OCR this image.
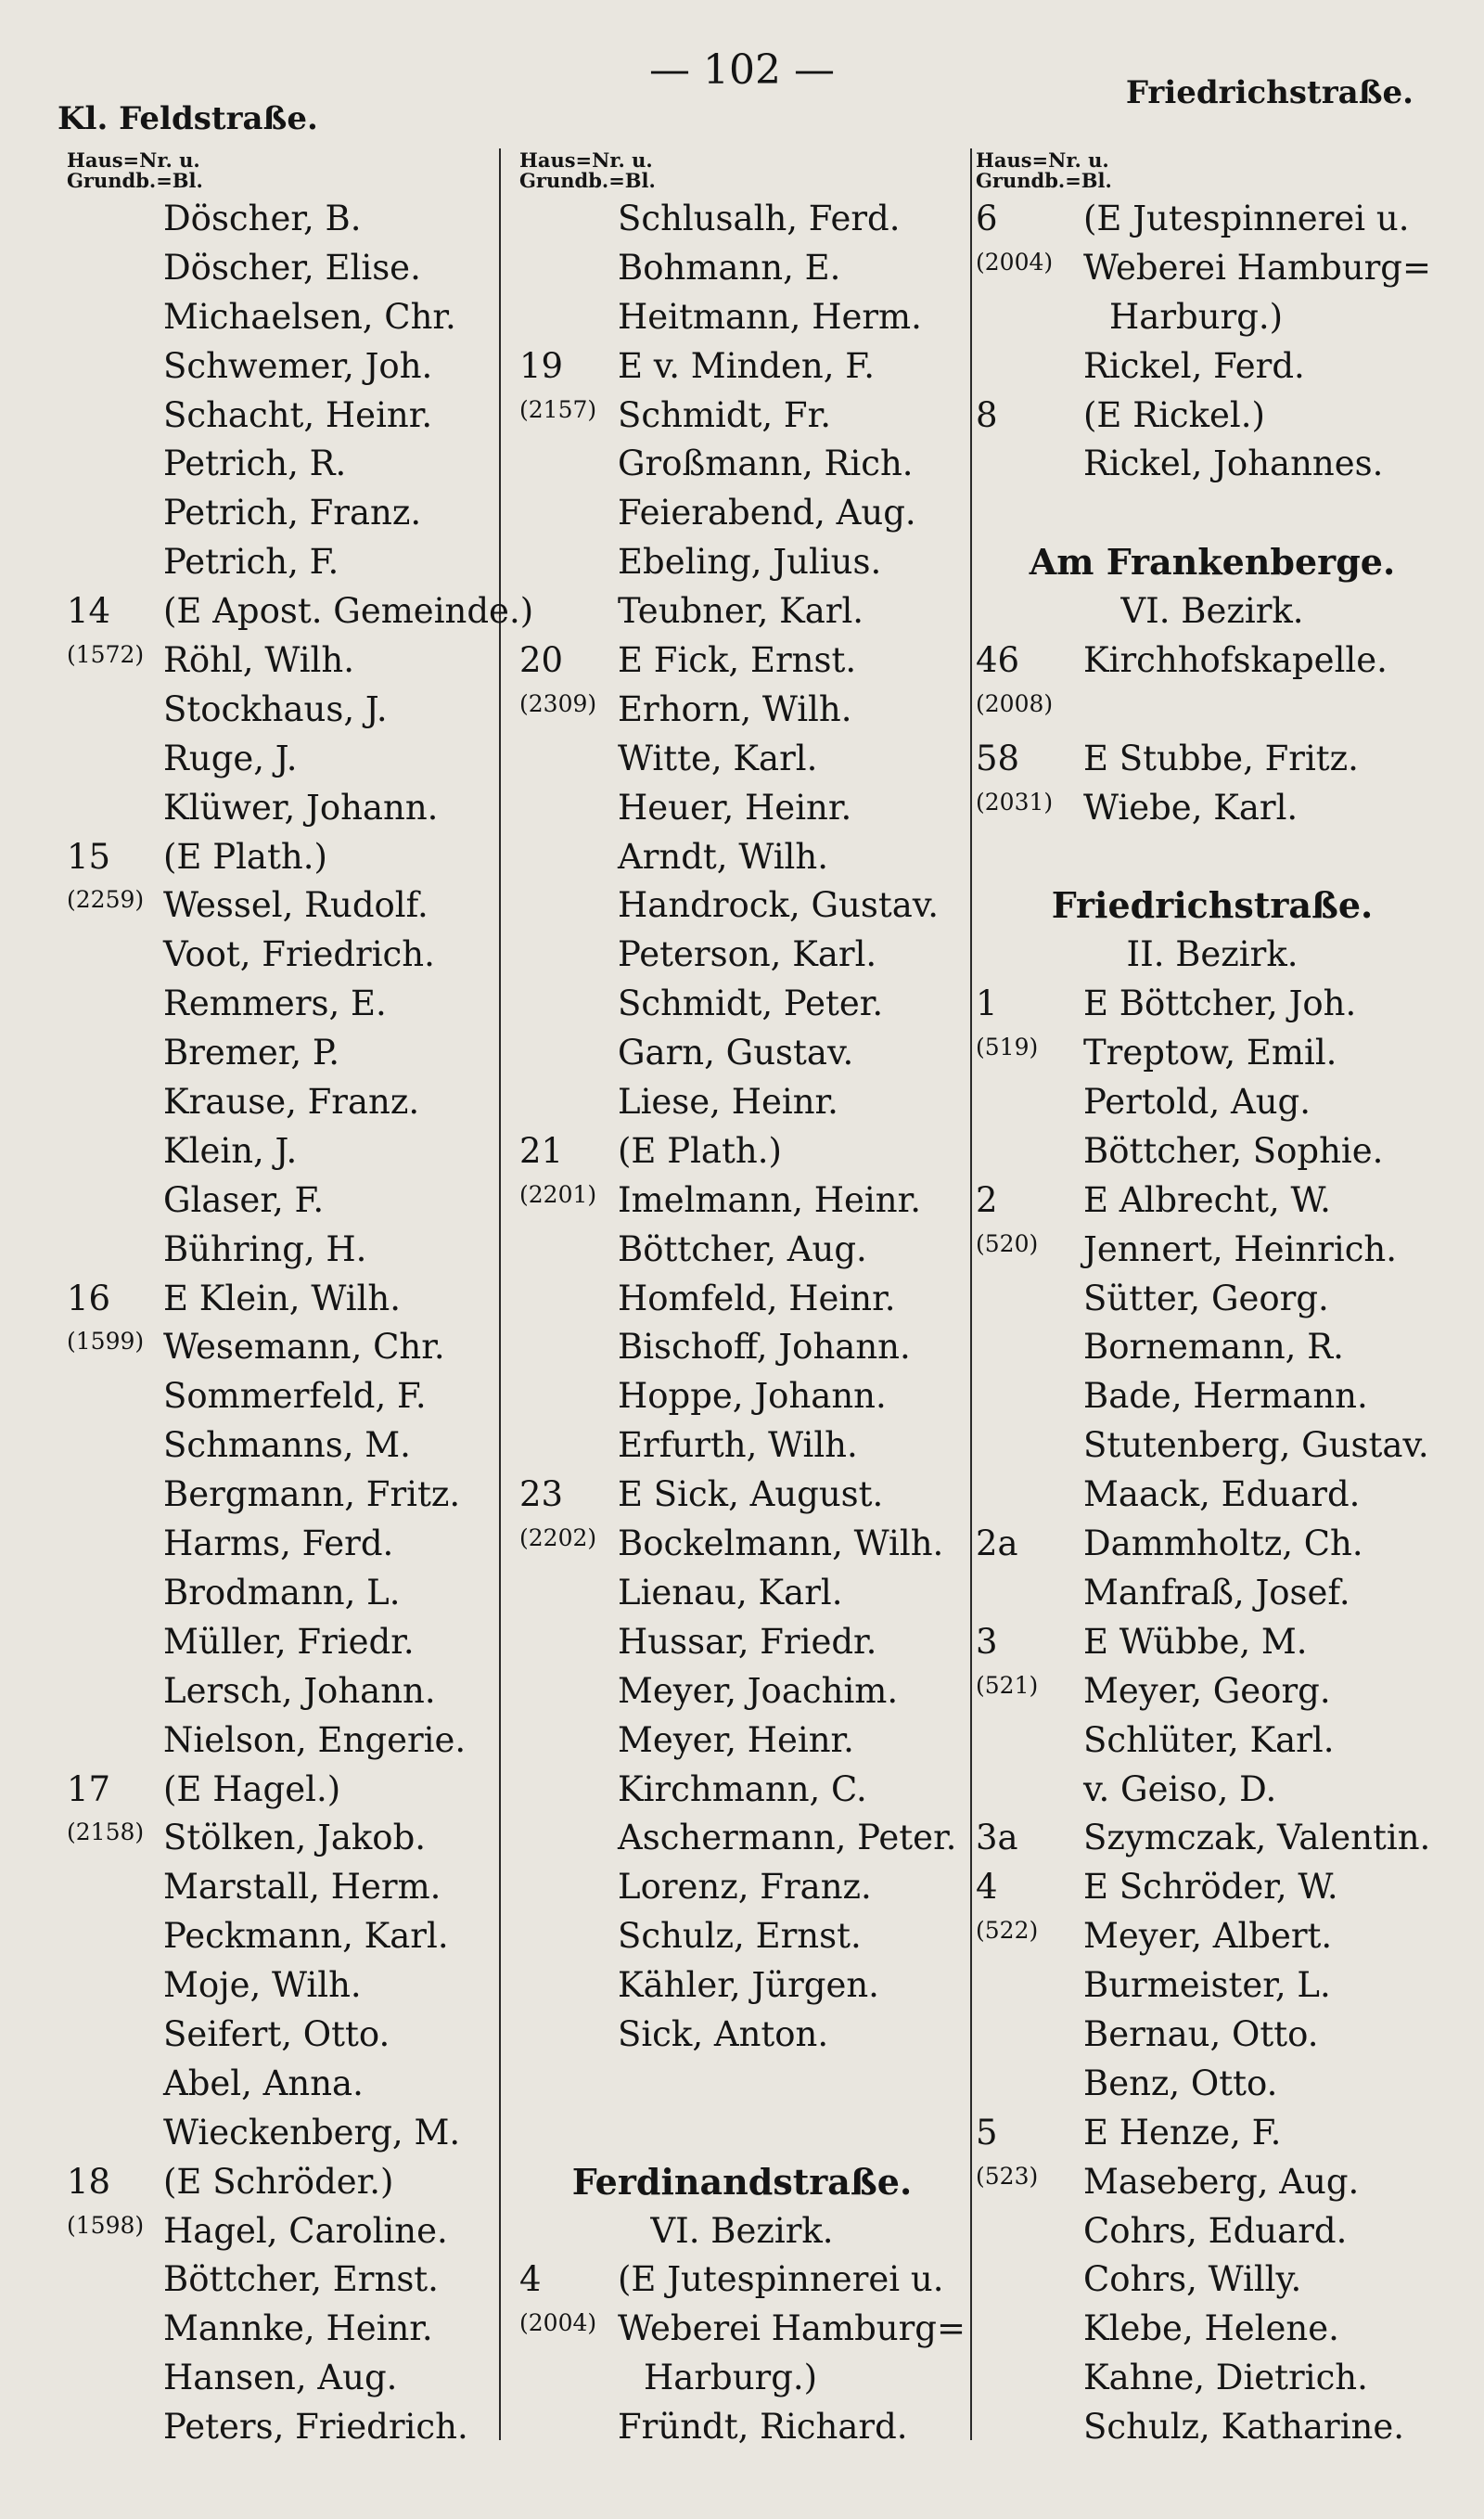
Kl. Feldstraße.
— 102 —	Friedrichstraße.
Haus=Nr. u.
Grundb.=Bl.
Döscher, B.
Döscher, Elise.
Michaelsen, Chr.
Schwemer, Joh.
Schacht, Heinr.
Petrich, R.
Petrich, Franz.
Petrich, F.
14 (E Apost. Gemeinde.)
(1572) Röhl, Wilh.
Stockhaus, J.
Ruge, J.
Klüwer, Johann.
15 (E Plath.)
(2259) Wessel, Rudolf.
Voot, Friedrich.
Remmers, E.
Bremer, P.
Krause, Franz.
Klein, J.
Glaser, F.
Bühring, H.
16 E Klein, Wilh.
(1599) Wesemann, Chr.
Sommerfeld, F.
Schmanns, M.
Bergmann, Fritz.
Harms, Ferd.
Brodmann, L.
Müller, Friedr.
Lersch, Johann.
Nielson, Engerie.
17 (E Hagel.)
(2158) Stölken, Jakob.
Marstall, Herm.
Peckmann, Karl.
Moje, Wilh.
Seifert, Otto.
Abel, Anna.
Wieckenberg, M.
18 (E Schröder.)
(1598) Hagel, Caroline.
Böttcher, Ernst.
Mannke, Heinr.
Hansen, Aug.
Peters, Friedrich.
Haus=Nr. u.
Grundb.=Bl.
Schlusalh, Ferd.
Bohmann, E.
Heitmann, Herm.
19 E v. Minden, F.
(2157) Schmidt, Fr.
Großmann, Rich.
Feierabend, Aug.
Ebeling, Julius.
Teubner, Karl.
20 E Fick, Ernst.
(2309) Erhorn, Wilh.
Witte, Karl.
Heuer, Heinr.
Arndt, Wilh.
Handrock, Gustav.
Peterson, Karl.
Schmidt, Peter.
Garn, Gustav.
Liese, Heinr.
21 (E Plath.)
(2201) Imelmann, Heinr.
Böttcher, Aug.
Homfeld, Heinr.
Bischoff, Johann.
Hoppe, Johann.
Erfurth, Wilh.
23 E Sick, August.
(2202) Bockelmann, Wilh.
Lienau, Karl.
Hussar, Friedr.
Meyer, Joachim.
Meyer, Heinr.
Kirchmann, C.
Aschermann, Peter.
Lorenz, Franz.
Schulz, Ernst.
Kähler, Jürgen.
Sick, Anton.
Ferdinandstraße.
VI. Bezirk.
4 (E Jutespinnerei u.
(2004) Weberei Hamburg=
Harburg.)
Fründt, Richard.
Haus=Nr. u.
Grundb.=Bl.
6 (E Jutespinnerei u.
(2004) Weberei Hamburg=
Harburg.)
Rickel, Ferd.
8 (E Rickel.)
Rickel, Johannes.
Am Frankenberge.
VI. Bezirk.
46 Kirchhofskapelle.
(2008)
58 E Stubbe, Fritz.
(2031) Wiebe, Karl.
Friedrichstraße.
II. Bezirk.
1 E Böttcher, Joh.
(519) Treptow, Emil.
Pertold, Aug.
Böttcher, Sophie.
2 E Albrecht, W.
(520) Jennert, Heinrich.
Sütter, Georg.
Bornemann, R.
Bade, Hermann.
Stutenberg, Gustav.
Maack, Eduard.
2a Dammholtz, Ch.
Manfraß, Josef.
3 E Wübbe, M.
(521) Meyer, Georg.
Schlüter, Karl.
v. Geiso, D.
3a Szymczak, Valentin.
4 E Schröder, W.
(522) Meyer, Albert.
Burmeister, L.
Bernau, Otto.
Benz, Otto.
5 E Henze, F.
(523) Maseberg, Aug.
Cohrs, Eduard.
Cohrs, Willy.
Klebe, Helene.
Kahne, Dietrich.
Schulz, Katharine.
